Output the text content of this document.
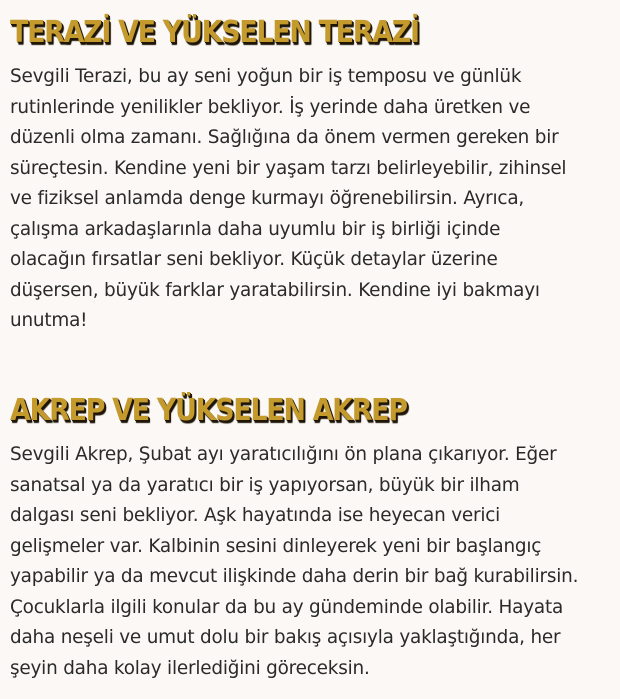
TERAZİ VE YÜKSELEN TERAZİ

Sevgili Terazi, bu ay seni yoğun bir iş temposu ve günlük
rutinlerinde yenilikler bekliyor. İş yerinde daha üretken ve
düzenli olma zamanı. Sağlığına da önem vermen gereken bir
süreçtesin. Kendine yeni bir yaşam tarzı belirleyebilir, zihinsel
ve fiziksel anlamda denge kurmayı öğrenebilirsin. Ayrıca,
çalışma arkadaşlarınla daha uyumlu bir iş birliği içinde
olacağın fırsatlar seni bekliyor. Küçük detaylar üzerine
düşersen, büyük farklar yaratabilirsin. Kendine iyi bakmayı
unutma!

AKREP VE YÜKSELEN AKREP

Sevgili Akrep, Şubat ayı yaratıcılığını ön plana çıkarıyor. Eğer
sanatsal ya da yaratıcı bir iş yapıyorsan, büyük bir ilham
dalgası seni bekliyor. Aşk hayatında ise heyecan verici
gelişmeler var. Kalbinin sesini dinleyerek yeni bir başlangıç
yapabilir ya da mevcut ilişkinde daha derin bir bağ kurabilirsin.
Çocuklarla ilgili konular da bu ay gündeminde olabilir. Hayata
daha neşeli ve umut dolu bir bakış açısıyla yaklaştığında, her
şeyin daha kolay ilerlediğini göreceksin.
